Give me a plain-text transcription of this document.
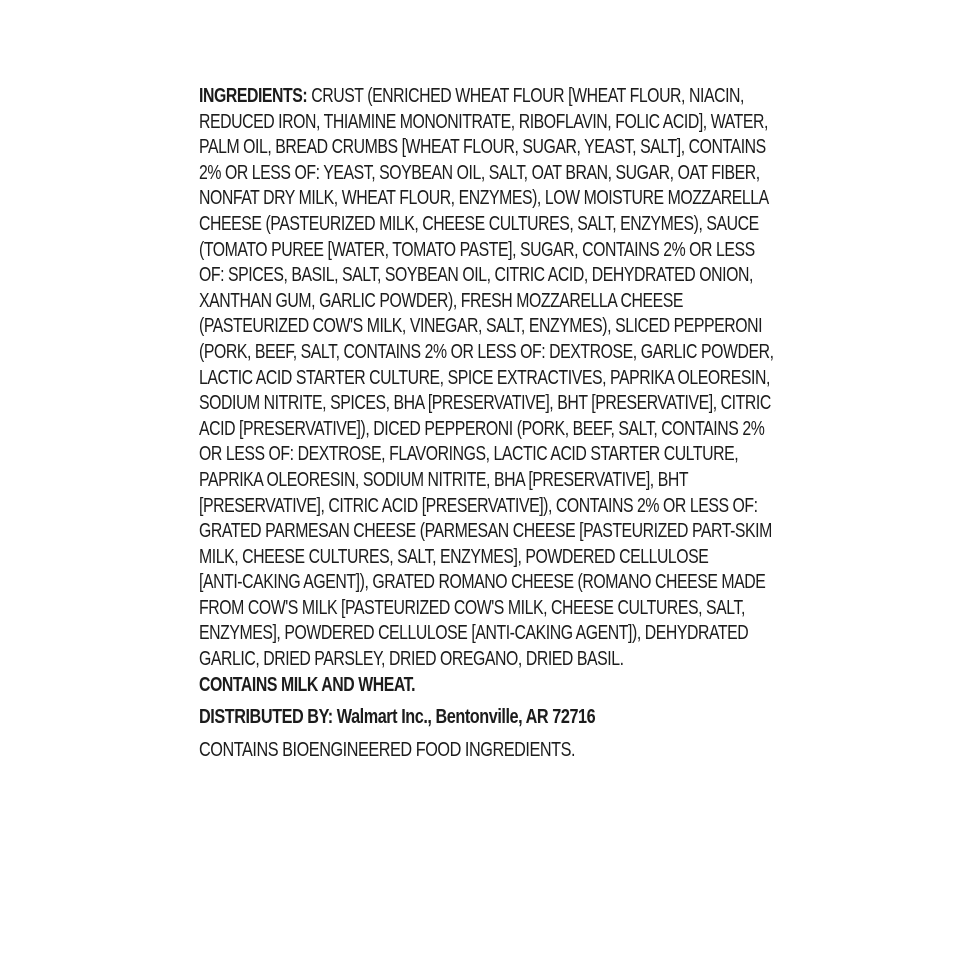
INGREDIENTS: CRUST (ENRICHED WHEAT FLOUR [WHEAT FLOUR, NIACIN,
REDUCED IRON, THIAMINE MONONITRATE, RIBOFLAVIN, FOLIC ACID], WATER,
PALM OIL, BREAD CRUMBS [WHEAT FLOUR, SUGAR, YEAST, SALT], CONTAINS
2% OR LESS OF: YEAST, SOYBEAN OIL, SALT, OAT BRAN, SUGAR, OAT FIBER,
NONFAT DRY MILK, WHEAT FLOUR, ENZYMES), LOW MOISTURE MOZZARELLA
CHEESE (PASTEURIZED MILK, CHEESE CULTURES, SALT, ENZYMES), SAUCE
(TOMATO PUREE [WATER, TOMATO PASTE], SUGAR, CONTAINS 2% OR LESS
OF: SPICES, BASIL, SALT, SOYBEAN OIL, CITRIC ACID, DEHYDRATED ONION,
XANTHAN GUM, GARLIC POWDER), FRESH MOZZARELLA CHEESE
(PASTEURIZED COW'S MILK, VINEGAR, SALT, ENZYMES), SLICED PEPPERONI
(PORK, BEEF, SALT, CONTAINS 2% OR LESS OF: DEXTROSE, GARLIC POWDER,
LACTIC ACID STARTER CULTURE, SPICE EXTRACTIVES, PAPRIKA OLEORESIN,
SODIUM NITRITE, SPICES, BHA [PRESERVATIVE], BHT [PRESERVATIVE], CITRIC
ACID [PRESERVATIVE]), DICED PEPPERONI (PORK, BEEF, SALT, CONTAINS 2%
OR LESS OF: DEXTROSE, FLAVORINGS, LACTIC ACID STARTER CULTURE,
PAPRIKA OLEORESIN, SODIUM NITRITE, BHA [PRESERVATIVE], BHT
[PRESERVATIVE], CITRIC ACID [PRESERVATIVE]), CONTAINS 2% OR LESS OF:
GRATED PARMESAN CHEESE (PARMESAN CHEESE [PASTEURIZED PART-SKIM
MILK, CHEESE CULTURES, SALT, ENZYMES], POWDERED CELLULOSE
[ANTI-CAKING AGENT]), GRATED ROMANO CHEESE (ROMANO CHEESE MADE
FROM COW'S MILK [PASTEURIZED COW'S MILK, CHEESE CULTURES, SALT,
ENZYMES], POWDERED CELLULOSE [ANTI-CAKING AGENT]), DEHYDRATED
GARLIC, DRIED PARSLEY, DRIED OREGANO, DRIED BASIL.
CONTAINS MILK AND WHEAT.
DISTRIBUTED BY: Walmart Inc., Bentonville, AR 72716
CONTAINS BIOENGINEERED FOOD INGREDIENTS.
